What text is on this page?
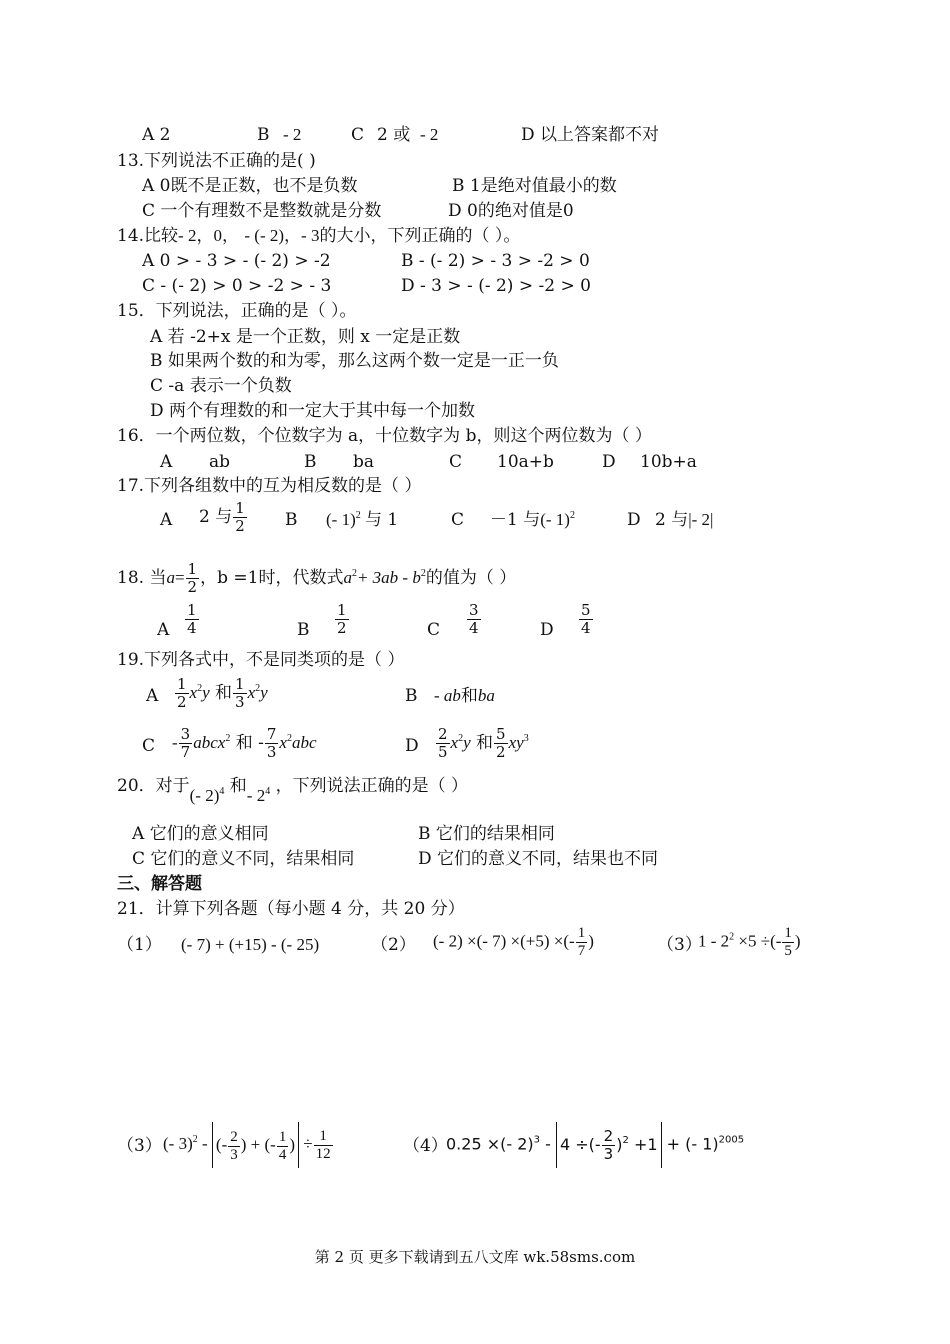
A 2	B - 2	C 2 或 - 2	D 以上答案都不对
13.下列说法不正确的是( )
A 0既不是正数，也不是负数	B 1是绝对值最小的数
C 一个有理数不是整数就是分数	D 0的绝对值是0
14.比较- 2，0， - (- 2)，- 3的大小，下列正确的（ ）。
A 0 > - 3 > - (- 2) > -2	B - (- 2) > - 3 > -2 > 0
C - (- 2) > 0 > -2 > - 3	D - 3 > - (- 2) > -2 > 0
15．下列说法，正确的是（ ）。
A 若 -2+x 是一个正数，则 x 一定是正数
B 如果两个数的和为零，那么这两个数一定是一正一负
C -a 表示一个负数
D 两个有理数的和一定大于其中每一个加数
16．一个两位数，个位数字为 a，十位数字为 b，则这个两位数为（ ）
A ab	B ba	C 10a+b	D 10b+a
17.下列各组数中的互为相反数的是（ ）
A 2 与 $\frac{1}{2}$ B (- 1)$^2$ 与 1	C －1 与(- 1)$^2$	D 2 与|- 2|
18. 当$a= \frac{1}{2}$ ，b =1时，代数式$a^2+ 3ab - b^2$的值为（ ）
A $\frac{1}{4}$	B $\frac{1}{2}$	C $\frac{3}{4}$	D $\frac{5}{4}$
19.下列各式中，不是同类项的是（ ）
A $\frac{1}{2} x^2y$ 和 $\frac{1}{3} x^2y$	B - ab和ba
C - $\frac{3}{7}$ abcx$^2$ 和 - $\frac{7}{3} x^2abc$	D $\frac{2}{5} x^2y$ 和 $\frac{5}{2} xy^3$
20．对于(- 2)$^4$ 和- $2^4$ ，下列说法正确的是（ ）
A 它们的意义相同	B 它们的结果相同
C 它们的意义不同，结果相同	D 它们的意义不同，结果也不同
三、解答题
21．计算下列各题（每小题 4 分，共 20 分）
（1） (- 7) + (+15) - (- 25)	（2） (- 2) ×(- 7) ×(+5) ×(- $\frac{1}{7}$ )	（3）
$1 - 2^2 \times 5$ ÷(- $\frac{1}{5}$ )
（3） (- 3)$^2$ - (- $\frac{2}{3}$ ) + (- $\frac{1}{4}$ ) ÷ $\frac{1}{12}$	（4）
0.25 ×(- 2)$^3$ - 4 ÷(- $\frac{2}{3} )^2 +1$ + (- 1)$^{2005}$
第 2 页 更多下载请到五八文库 wk.58sms.com
